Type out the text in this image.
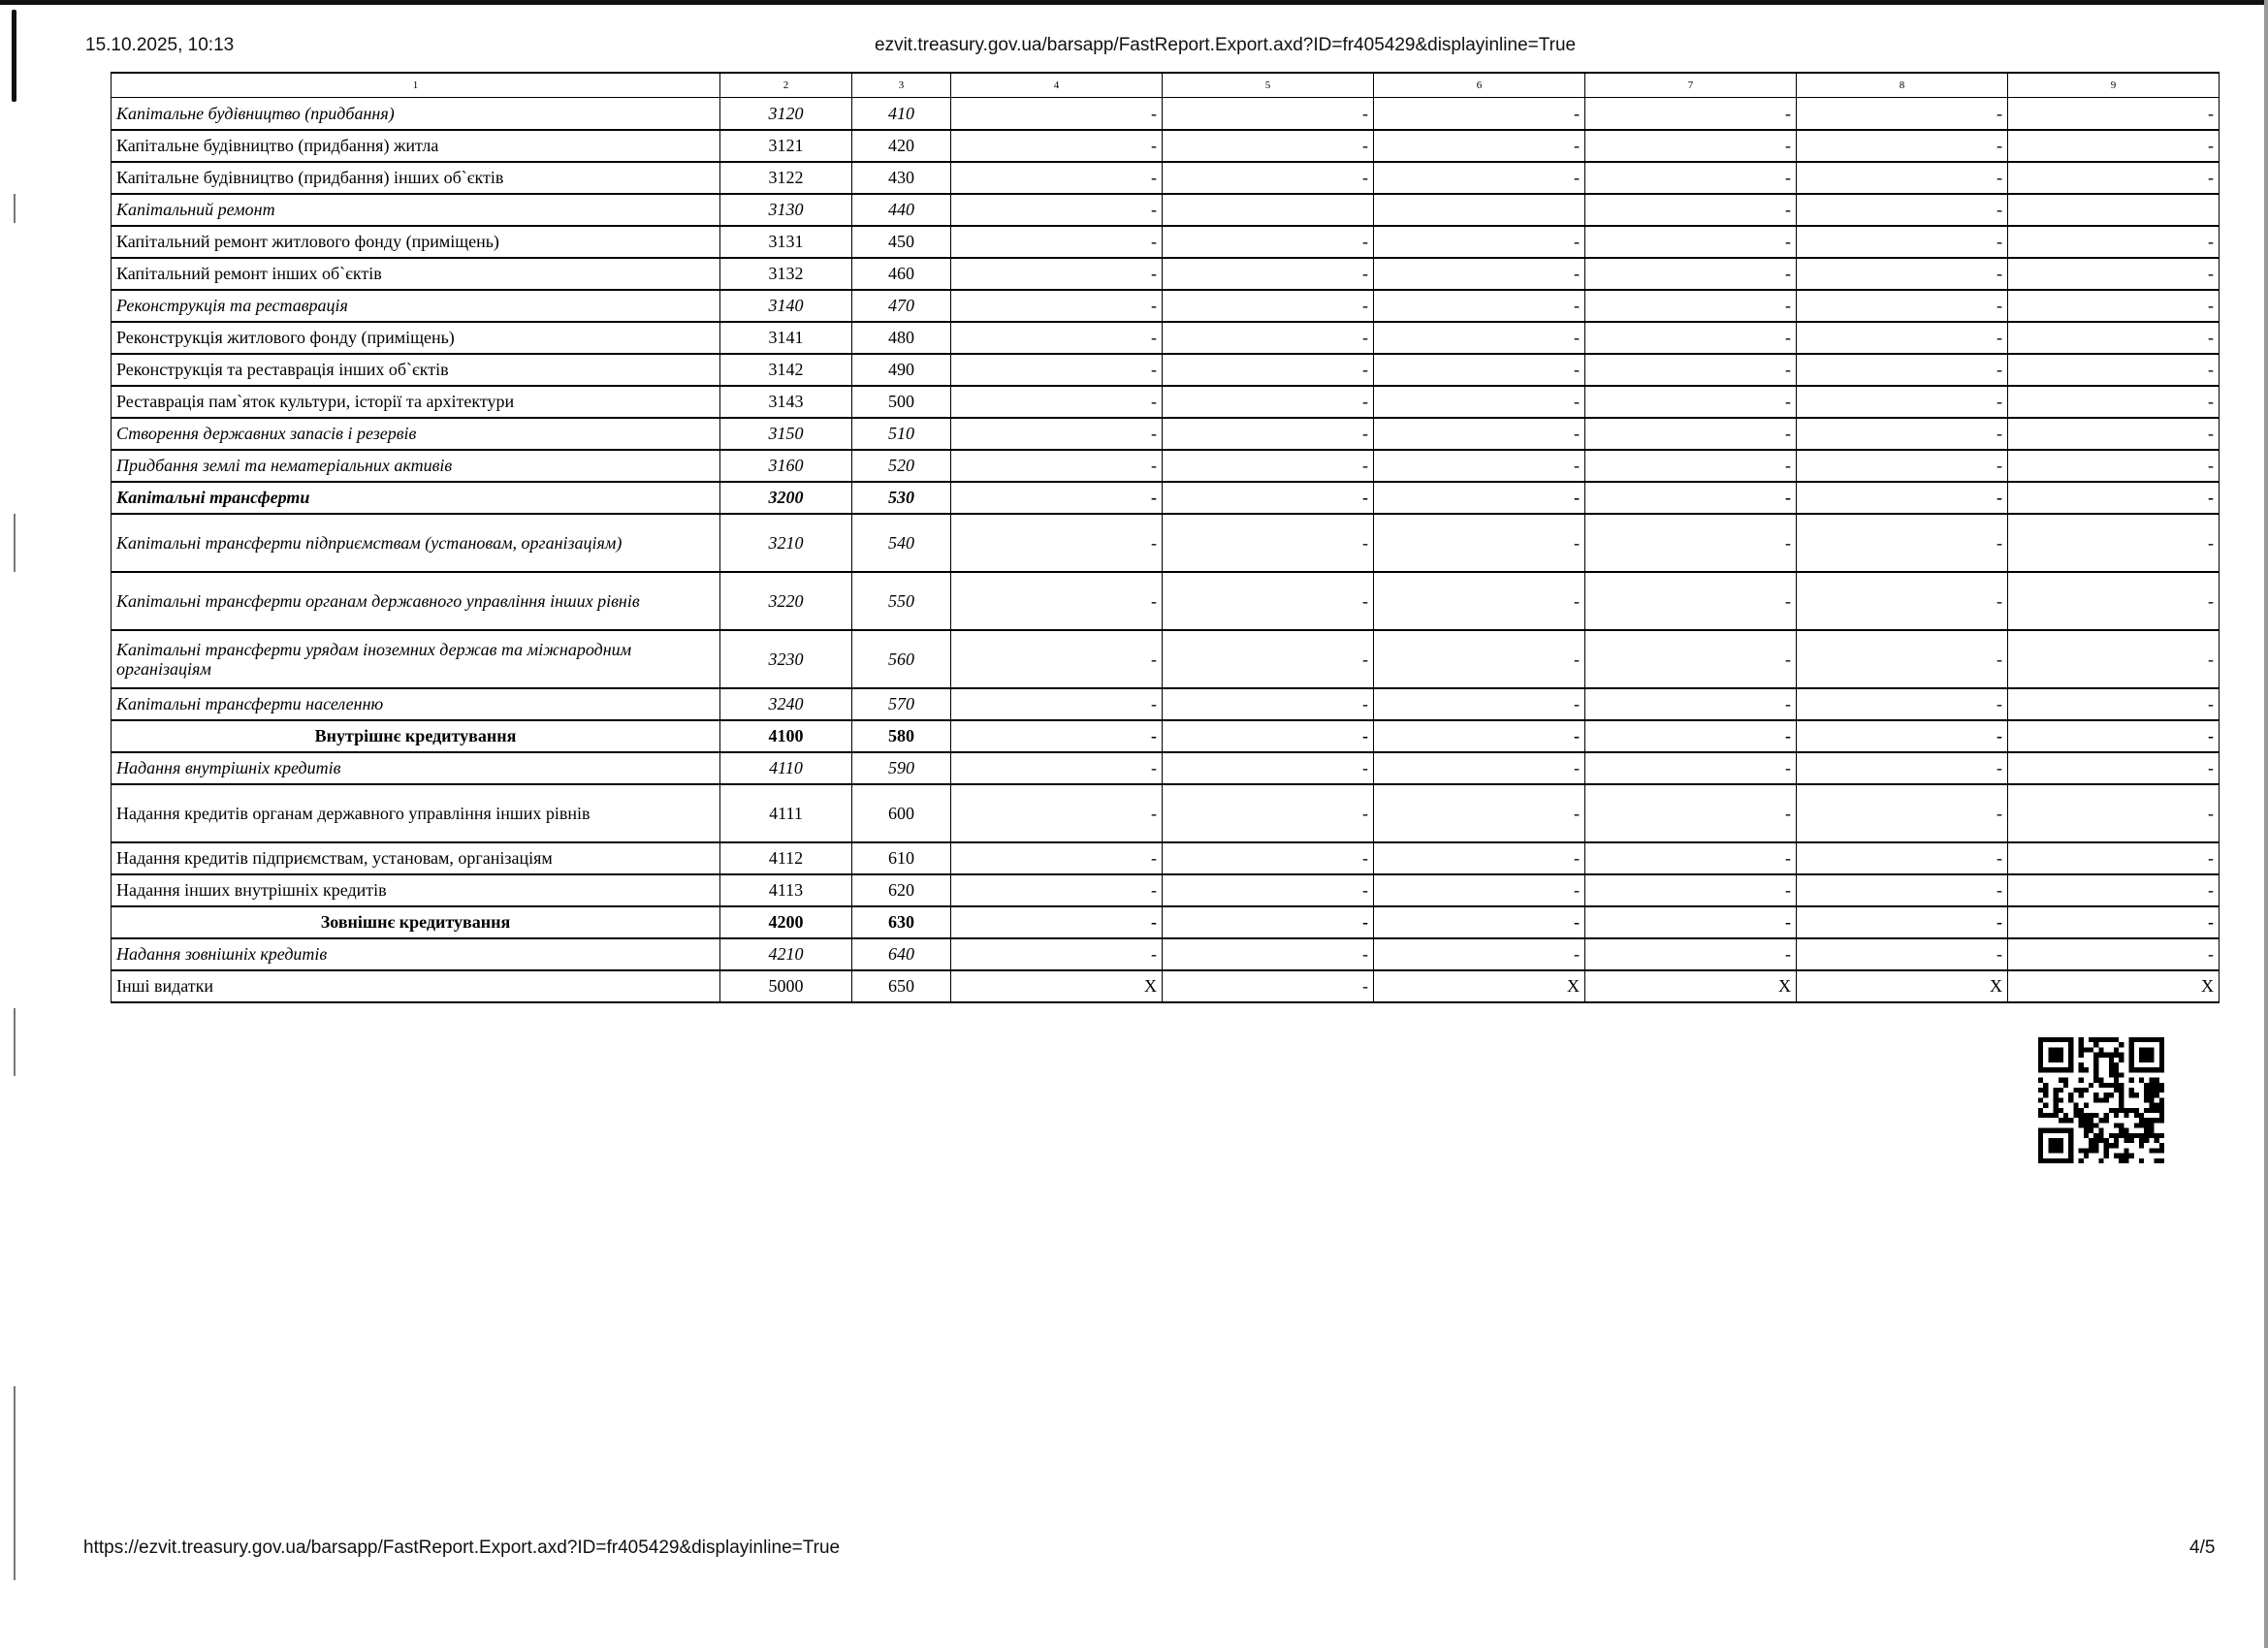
15.10.2025, 10:13	ezvit.treasury.gov.ua/barsapp/FastReport.Export.axd?ID=fr405429&displayinline=True
1	2	3	4	5	6	7	8	9
Капітальне будівництво (придбання)	3120	410	-	-	-	-	-	-
Капітальне будівництво (придбання) житла	3121	420	-	-	-	-	-	-
Капітальне будівництво (придбання) інших об`єктів	3122	430	-	-	-	-	-	-
Капітальний ремонт	3130	440	-			-	-	
Капітальний ремонт житлового фонду (приміщень)	3131	450	-	-	-	-	-	-
Капітальний ремонт інших об`єктів	3132	460	-	-	-	-	-	-
Реконструкція та реставрація	3140	470	-	-	-	-	-	-
Реконструкція житлового фонду (приміщень)	3141	480	-	-	-	-	-	-
Реконструкція та реставрація інших об`єктів	3142	490	-	-	-	-	-	-
Реставрація пам`яток культури, історії та архітектури	3143	500	-	-	-	-	-	-
Створення державних запасів і резервів	3150	510	-	-	-	-	-	-
Придбання землі та нематеріальних активів	3160	520	-	-	-	-	-	-
Капітальні трансферти	3200	530	-	-	-	-	-	-
Капітальні трансферти підприємствам (установам, організаціям)	3210	540	-	-	-	-	-	-
Капітальні трансферти органам державного управління інших рівнів	3220	550	-	-	-	-	-	-
Капітальні трансферти урядам іноземних держав та міжнародним організаціям	3230	560	-	-	-	-	-	-
Капітальні трансферти населенню	3240	570	-	-	-	-	-	-
Внутрішнє кредитування	4100	580	-	-	-	-	-	-
Надання внутрішніх кредитів	4110	590	-	-	-	-	-	-
Надання кредитів органам державного управління інших рівнів	4111	600	-	-	-	-	-	-
Надання кредитів підприємствам, установам, організаціям	4112	610	-	-	-	-	-	-
Надання інших внутрішніх кредитів	4113	620	-	-	-	-	-	-
Зовнішнє кредитування	4200	630	-	-	-	-	-	-
Надання зовнішніх кредитів	4210	640	-	-	-	-	-	-
Інші видатки	5000	650	X	-	X	X	X	X
https://ezvit.treasury.gov.ua/barsapp/FastReport.Export.axd?ID=fr405429&displayinline=True	4/5
